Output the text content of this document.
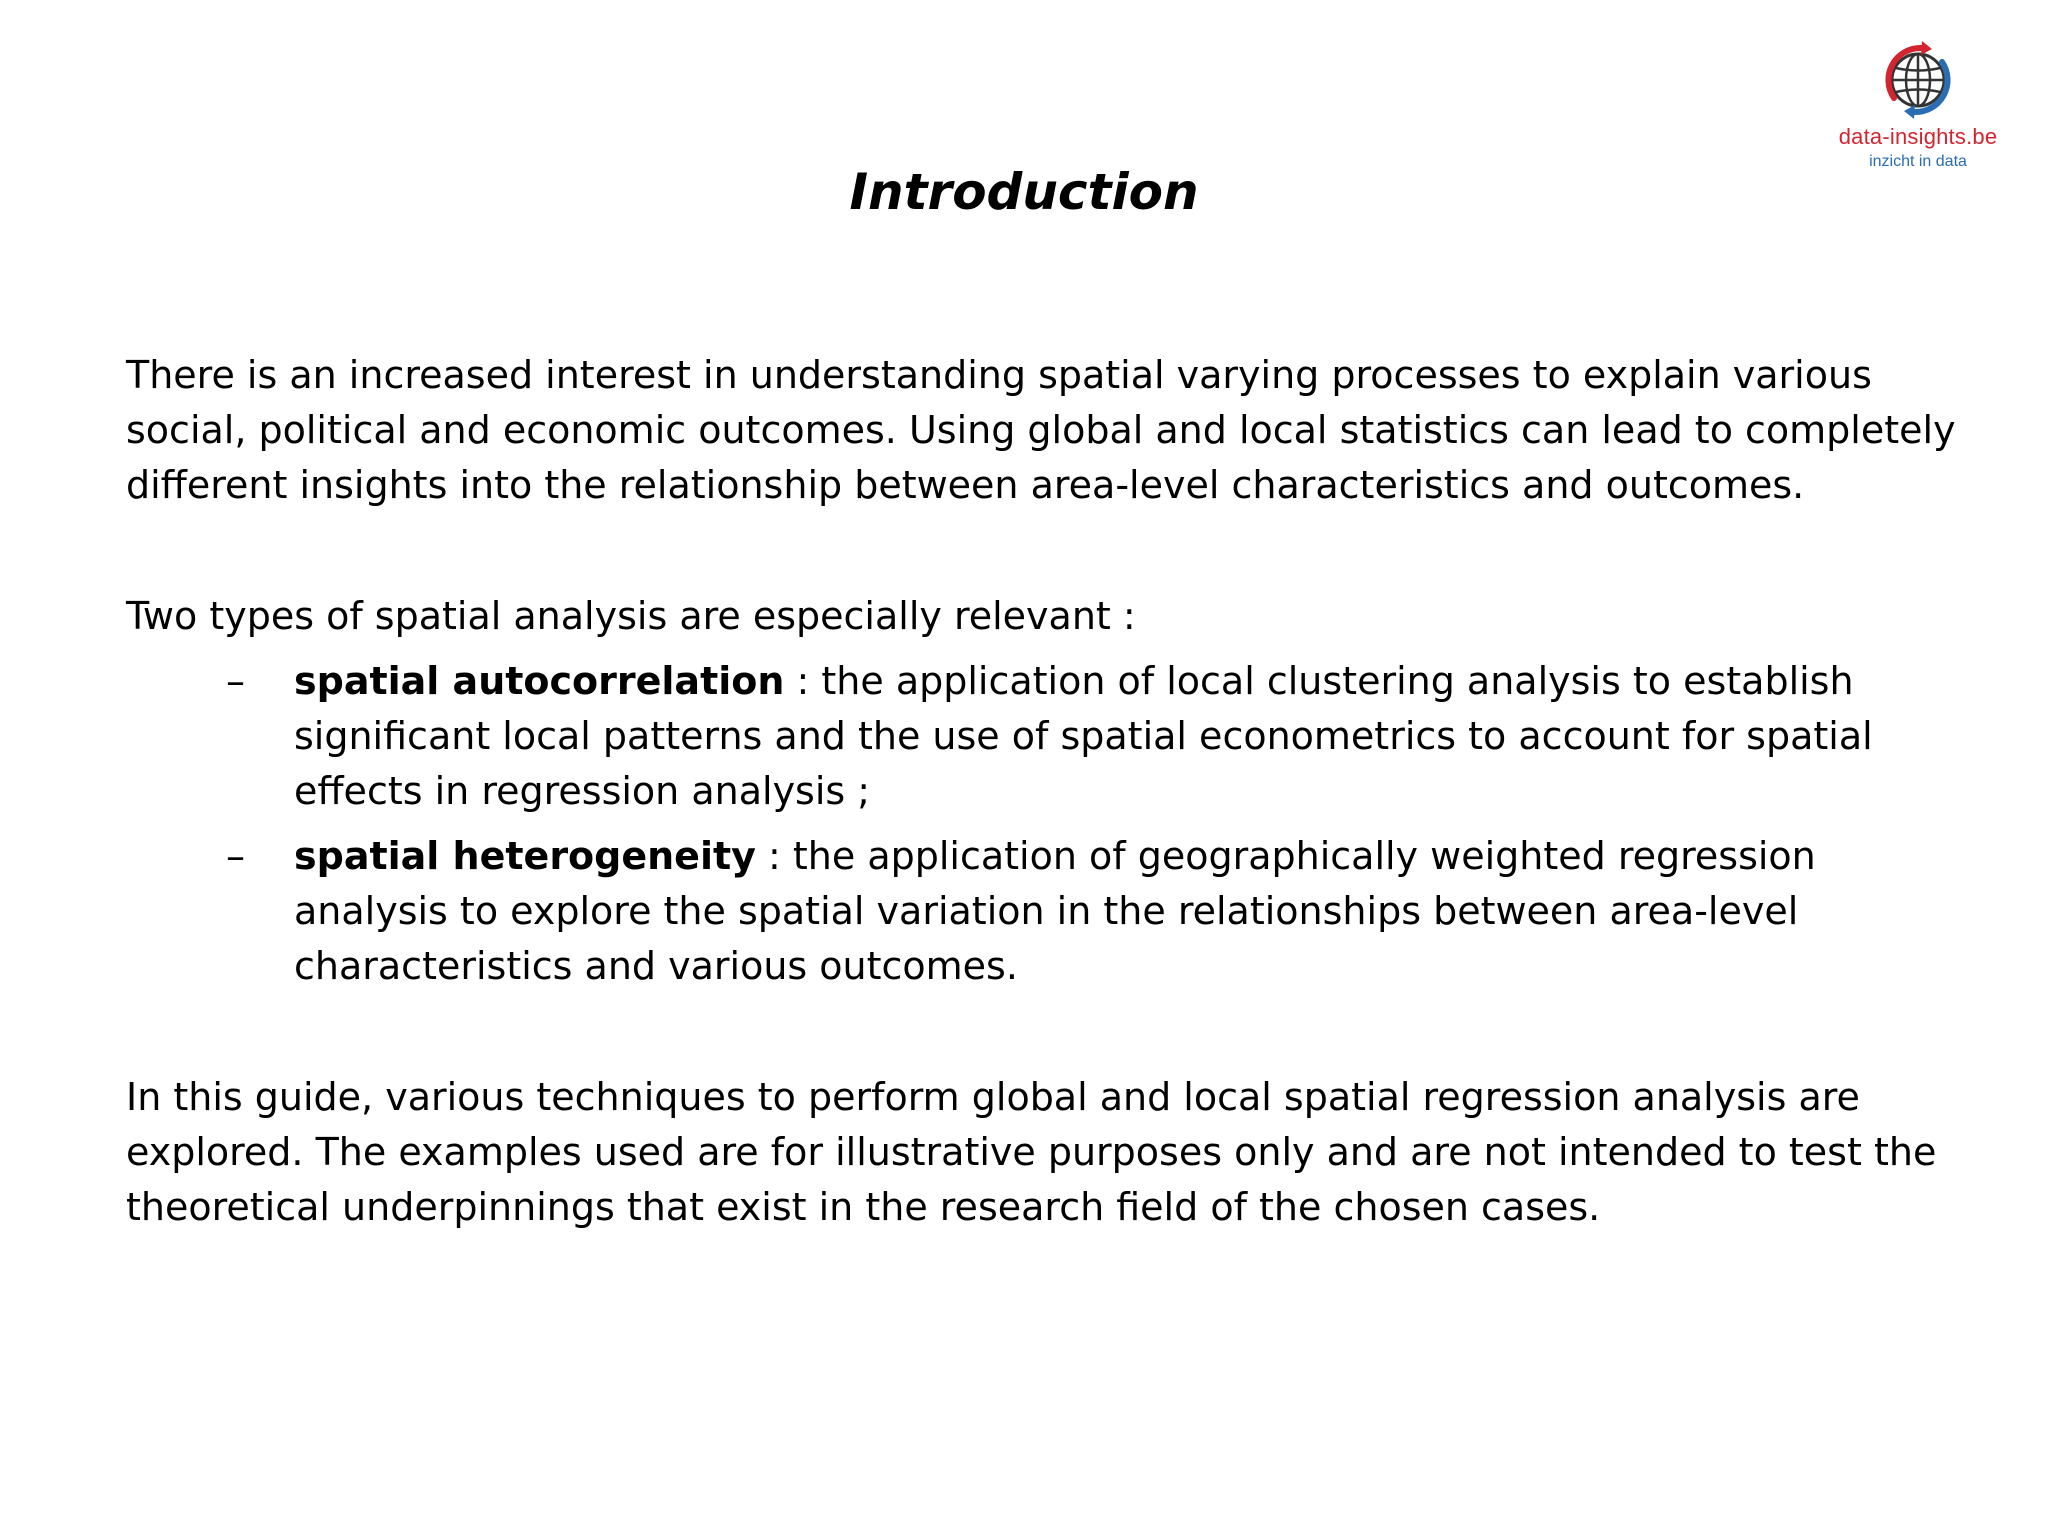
data-insights.be
inzicht in data
Introduction

There is an increased interest in understanding spatial varying processes to explain various social, political and economic outcomes. Using global and local statistics can lead to completely different insights into the relationship between area-level characteristics and outcomes.

Two types of spatial analysis are especially relevant :

– spatial autocorrelation : the application of local clustering analysis to establish significant local patterns and the use of spatial econometrics to account for spatial effects in regression analysis ;
– spatial heterogeneity : the application of geographically weighted regression analysis to explore the spatial variation in the relationships between area-level characteristics and various outcomes.

In this guide, various techniques to perform global and local spatial regression analysis are explored. The examples used are for illustrative purposes only and are not intended to test the theoretical underpinnings that exist in the research field of the chosen cases.
